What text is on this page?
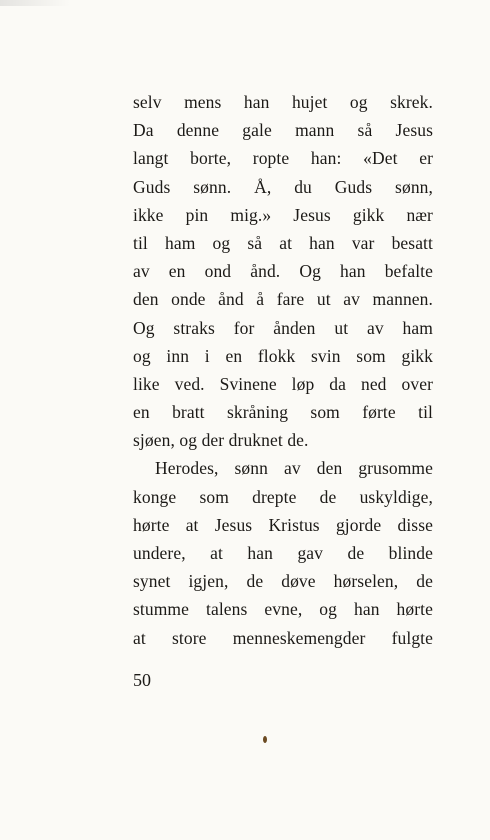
selv mens han hujet og skrek.
Da denne gale mann så Jesus
langt borte, ropte han: «Det er
Guds sønn. Å, du Guds sønn,
ikke pin mig.» Jesus gikk nær
til ham og så at han var besatt
av en ond ånd. Og han befalte
den onde ånd å fare ut av mannen.
Og straks for ånden ut av ham
og inn i en flokk svin som gikk
like ved. Svinene løp da ned over
en bratt skråning som førte til
sjøen, og der druknet de.
Herodes, sønn av den grusomme
konge som drepte de uskyldige,
hørte at Jesus Kristus gjorde disse
undere, at han gav de blinde
synet igjen, de døve hørselen, de
stumme talens evne, og han hørte
at store menneskemengder fulgte
50
